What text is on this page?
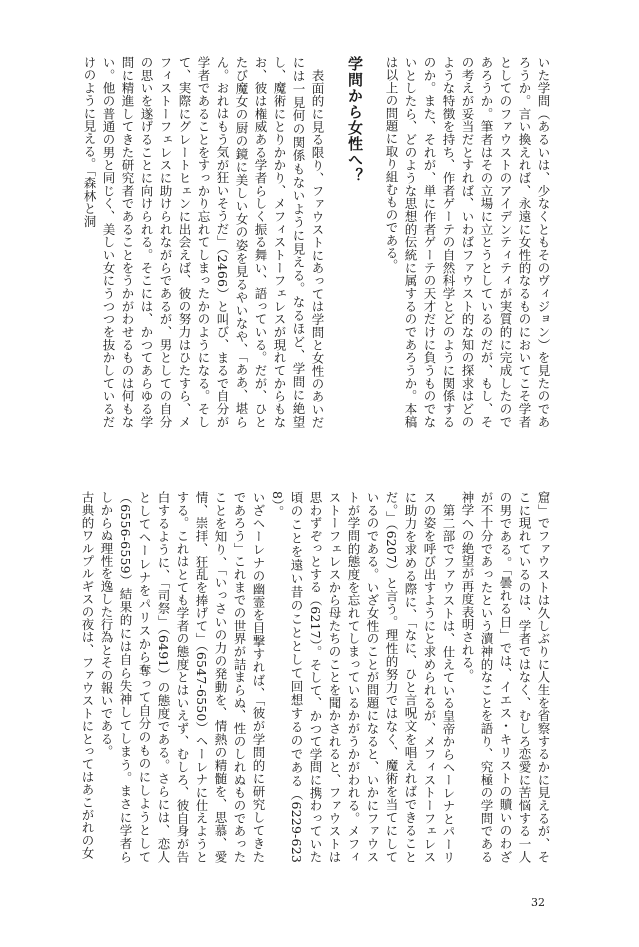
いた学問（あるいは、少なくともそのヴィジョン）を見たのであろうか。言い換えれば、永遠に女性的なるものにおいてこそ学者としてのファウストのアイデンティティが実質的に完成したのであろうか。筆者はその立場に立とうとしているのだが、もし、その考えが妥当だとすれば、いわばファウスト的な知の探求はどのような特徴を持ち、作者ゲーテの自然科学とどのように関係するのか。また、それが、単に作者ゲーテの天才だけに負うものでないとしたら、どのような思想的伝統に属するのであろうか。本稿は以上の問題に取り組むものである。
学問から女性へ？
表面的に見る限り、ファウストにあっては学問と女性のあいだには一見何の関係もないように見える。なるほど、学問に絶望し、魔術にとりかかり、メフィストーフェレスが現れてからもなお、彼は権威ある学者らしく振る舞い、語っている。だが、ひとたび魔女の厨の鏡に美しい女の姿を見るやいなや、「ああ、堪らん。おれはもう気が狂いそうだ」（2466）と叫び、まるで自分が学者であることをすっかり忘れてしまったかのようになる。そして、実際にグレートヒェンに出会えば、彼の努力はひたすら、メフィストーフェレスに助けられながらであるが、男としての自分の思いを遂げることに向けられる。そこには、かつてあらゆる学問に精進してきた研究者であることをうかがわせるものは何もない。他の普通の男と同じく、美しい女にうつつを抜かしているだけのように見える。「森林と洞
窟」でファウストは久しぶりに人生を省察するかに見えるが、そこに現れているのは、学者ではなく、むしろ恋愛に苦悩する一人の男である。「曇れる日」では、イエス・キリストの贖いのわざが不十分であったという瀆神的なことを語り、究極の学問である神学への絶望が再度表明される。
第二部でファウストは、仕えている皇帝からヘーレナとパーリスの姿を呼び出すようにと求められるが、メフィストーフェレスに助力を求める際に、「なに、ひと言呪文を唱えればできることだ。」（6207）と言う。理性的努力ではなく、魔術を当てにしているのである。いざ女性のことが問題になると、いかにファウストが学問的態度を忘れてしまっているかがうかがわれる。メフィストーフェレスから母たちのことを聞かされると、ファウストは思わずぞっとする（6217）。そして、かつて学問に携わっていた頃のことを遠い昔のこととして回想するのである（6229-6238）。
いざヘーレナの幽霊を目撃すれば、「彼が学問的に研究してきたであろう」これまでの世界が詰まらぬ、性のしれぬものであったことを知り、「いっさいの力の発動を、情熱の精髄を、思慕、愛情、崇拝、狂乱を捧げて」（6547-6550）ヘーレナに仕えようとする。これはとても学者の態度とはいえず、むしろ、彼自身が告白するように、「司祭」（6491）の態度である。さらには、恋人としてヘーレナをパリスから奪って自分のものにしようとして（6556-6559）結果的には自ら失神してしまう。まさに学者らしからぬ理性を逸した行為とその報いである。
古典的ワルプルギスの夜は、ファウストにとってはあこがれの女
32
